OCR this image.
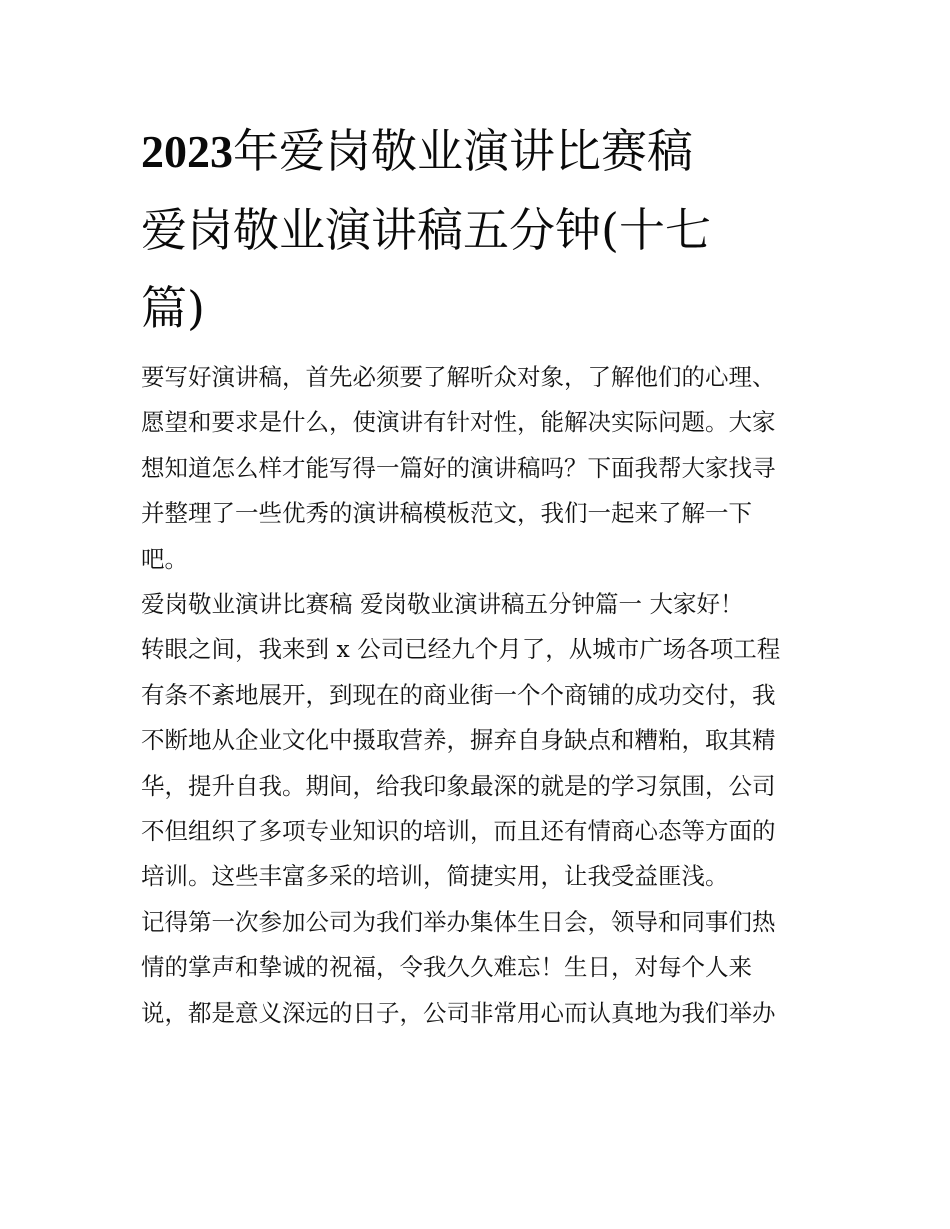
2023年爱岗敬业演讲比赛稿
爱岗敬业演讲稿五分钟(十七
篇)

要写好演讲稿，首先必须要了解听众对象，了解他们的心理、
愿望和要求是什么，使演讲有针对性，能解决实际问题。大家
想知道怎么样才能写得一篇好的演讲稿吗？下面我帮大家找寻
并整理了一些优秀的演讲稿模板范文，我们一起来了解一下
吧。

爱岗敬业演讲比赛稿 爱岗敬业演讲稿五分钟篇一 大家好！

转眼之间，我来到 x 公司已经九个月了，从城市广场各项工程
有条不紊地展开，到现在的商业街一个个商铺的成功交付，我
不断地从企业文化中摄取营养，摒弃自身缺点和糟粕，取其精
华，提升自我。期间，给我印象最深的就是的学习氛围，公司
不但组织了多项专业知识的培训，而且还有情商心态等方面的
培训。这些丰富多采的培训，简捷实用，让我受益匪浅。

记得第一次参加公司为我们举办集体生日会，领导和同事们热
情的掌声和挚诚的祝福，令我久久难忘！生日，对每个人来
说，都是意义深远的日子，公司非常用心而认真地为我们举办
